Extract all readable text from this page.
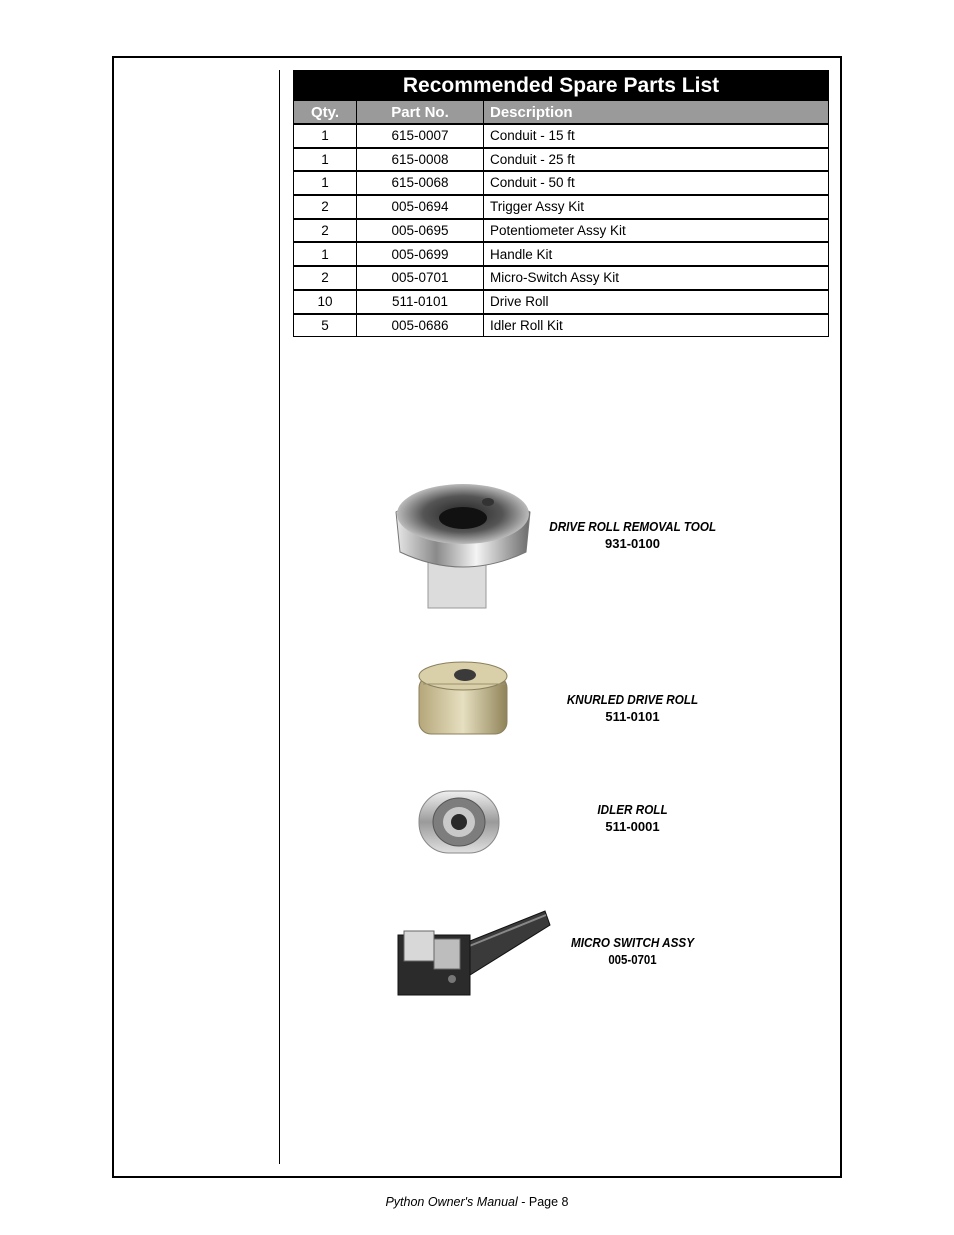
Recommended Spare Parts List		
Qty.	Part No.	Description
1	615-0007	Conduit - 15 ft
1	615-0008	Conduit - 25 ft
1	615-0068	Conduit - 50 ft
2	005-0694	Trigger Assy Kit
2	005-0695	Potentiometer Assy Kit
1	005-0699	Handle Kit
2	005-0701	Micro-Switch Assy Kit
10	511-0101	Drive Roll
5	005-0686	Idler Roll Kit
DRIVE ROLL REMOVAL TOOL
931-0100
KNURLED DRIVE ROLL
511-0101
IDLER ROLL
511-0001
MICRO SWITCH ASSY
005-0701
Python Owner's Manual - Page 8
